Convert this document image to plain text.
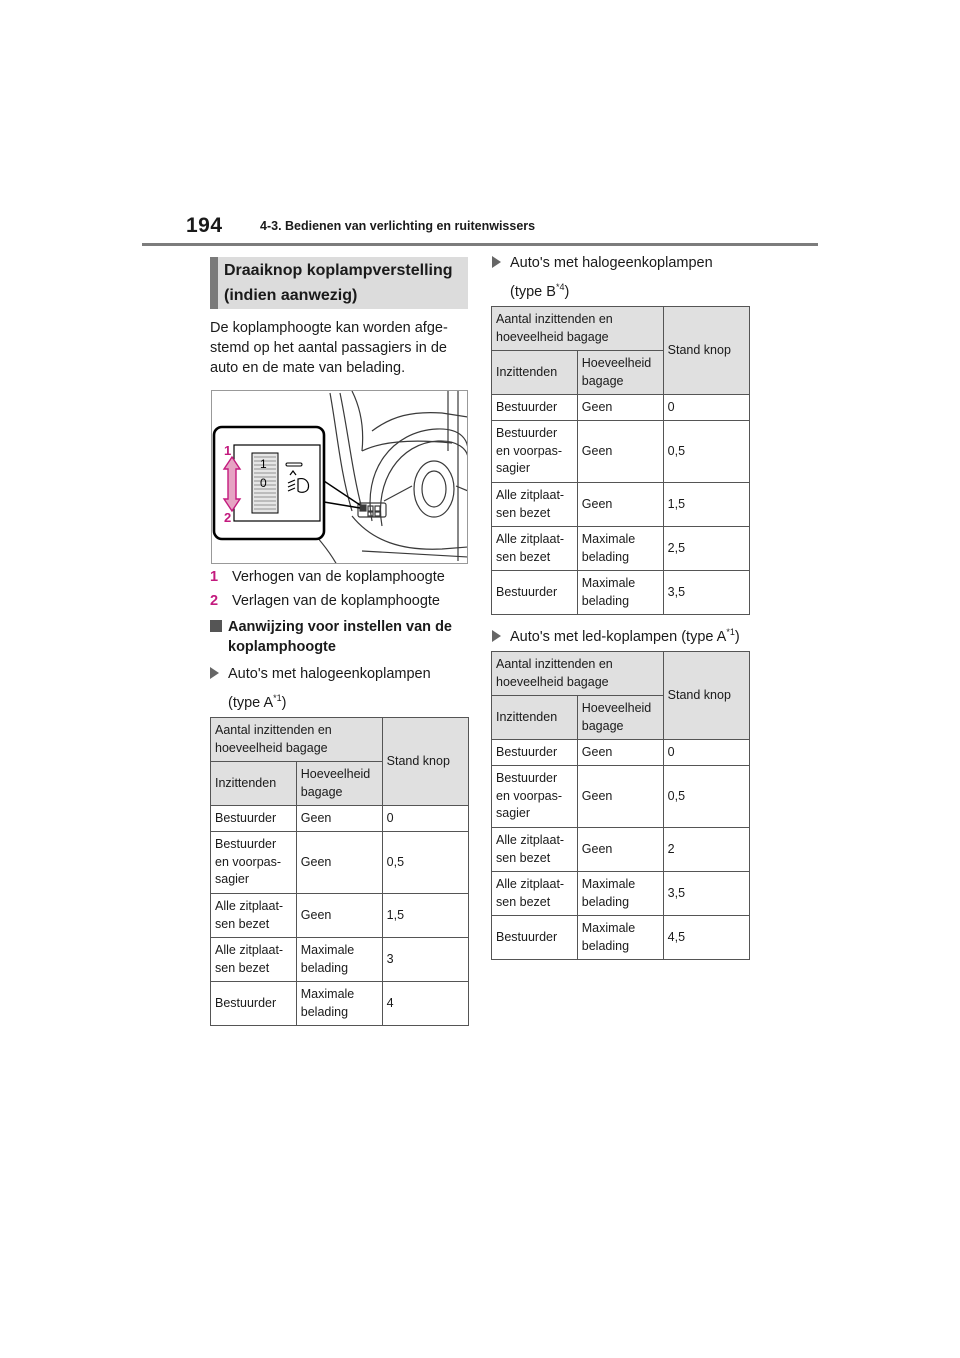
194	4-3. Bedienen van verlichting en ruitenwissers
Draaiknop koplampverstelling
(indien aanwezig)
De koplamphoogte kan worden afge-
stemd op het aantal passagiers in de
auto en de mate van belading.
1
0
1
2
1 Verhogen van de koplamphoogte
2 Verlagen van de koplamphoogte
Aanwijzing voor instellen van de
koplamphoogte
Auto's met halogeenkoplampen
(type $A^{*1}$)
Aantal inzittenden en hoeveelheid bagage		Stand knop
Inzittenden	Hoeveelheid bagage	
Bestuurder	Geen	0
Bestuurder en voorpas-sagier	Geen	0,5
Alle zitplaat-sen bezet	Geen	1,5
Alle zitplaat-sen bezet	Maximale belading	3
Bestuurder	Maximale belading	4
Auto's met halogeenkoplampen
(type $B^{*4}$)
Aantal inzittenden en hoeveelheid bagage		Stand knop
Inzittenden	Hoeveelheid bagage	
Bestuurder	Geen	0
Bestuurder en voorpas-sagier	Geen	0,5
Alle zitplaat-sen bezet	Geen	1,5
Alle zitplaat-sen bezet	Maximale belading	2,5
Bestuurder	Maximale belading	3,5
Auto's met led-koplampen (type $A^{*1}$)
Aantal inzittenden en hoeveelheid bagage		Stand knop
Inzittenden	Hoeveelheid bagage	
Bestuurder	Geen	0
Bestuurder en voorpas-sagier	Geen	0,5
Alle zitplaat-sen bezet	Geen	2
Alle zitplaat-sen bezet	Maximale belading	3,5
Bestuurder	Maximale belading	4,5
